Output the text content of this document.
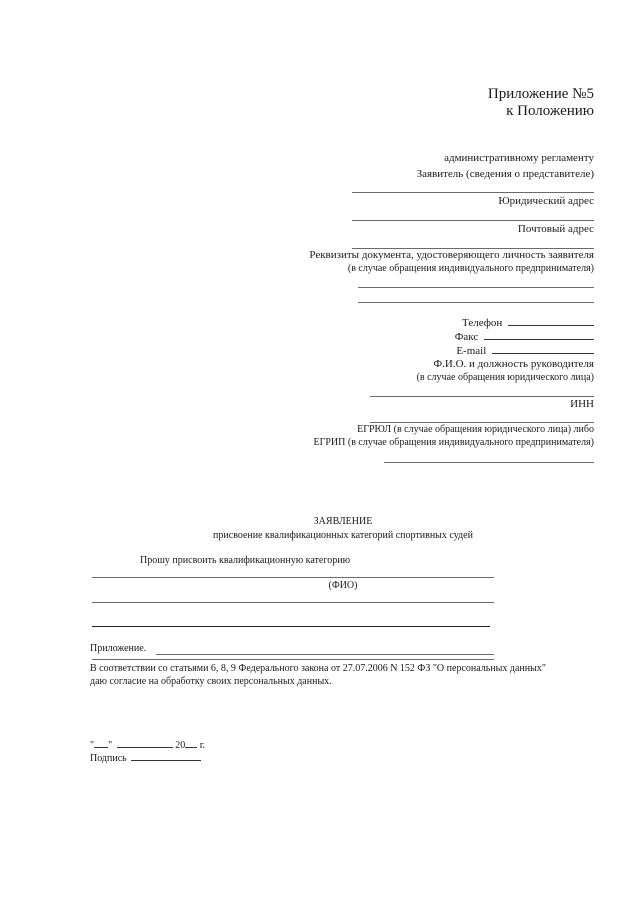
Приложение №5
к Положению
административному регламенту
Заявитель (сведения о представителе)
Юридический адрес
Почтовый адрес
Реквизиты документа, удостоверяющего личность заявителя
(в случае обращения индивидуального предпринимателя)
Телефон
Факс
E-mail
Ф.И.О. и должность руководителя
(в случае обращения юридического лица)
ИНН
ЕГРЮЛ (в случае обращения юридического лица) либо
ЕГРИП (в случае обращения индивидуального предпринимателя)
ЗАЯВЛЕНИЕ
присвоение квалификационных категорий спортивных судей
Прошу присвоить квалификационную категорию
(ФИО)
Приложение.
В соответствии со статьями 6, 8, 9 Федерального закона от 27.07.2006 N 152 ФЗ "О персональных данных"
даю согласие на обработку своих персональных данных.
" "	20 г.
Подпись
